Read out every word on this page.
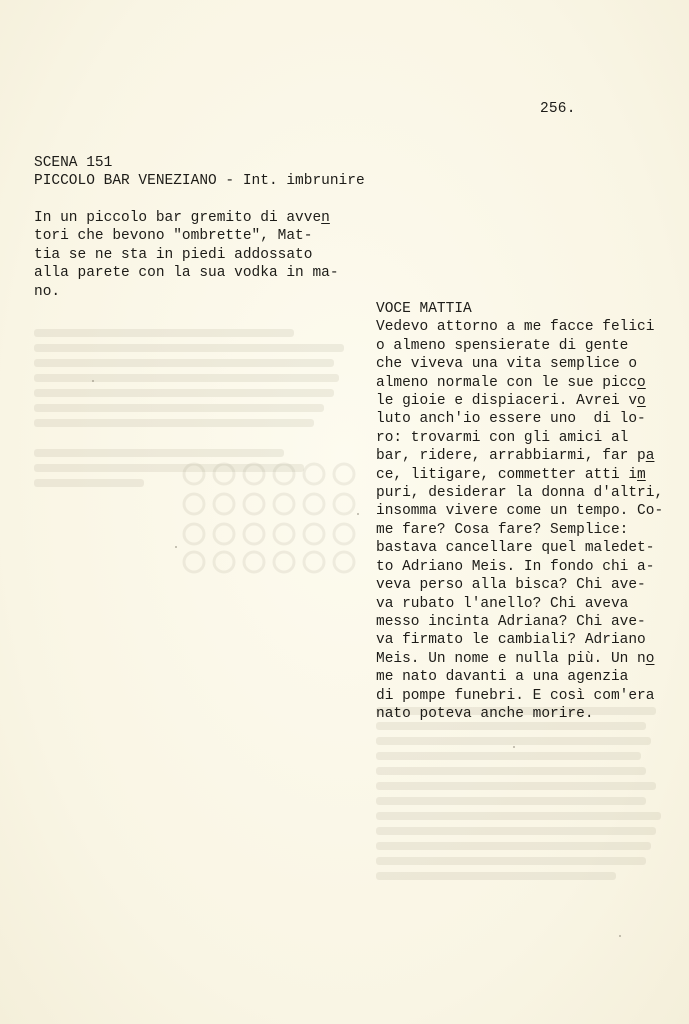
256.
SCENA 151
PICCOLO BAR VENEZIANO - Int. imbrunire
In un piccolo bar gremito di avven
tori che bevono "ombrette", Mat-
tia se ne sta in piedi addossato
alla parete con la sua vodka in ma-
no.
VOCE MATTIA
Vedevo attorno a me facce felici
o almeno spensierate di gente
che viveva una vita semplice o
almeno normale con le sue picco
le gioie e dispiaceri. Avrei vo
luto anch'io essere uno  di lo-
ro: trovarmi con gli amici al
bar, ridere, arrabbiarmi, far pa
ce, litigare, commetter atti im
puri, desiderar la donna d'altri,
insomma vivere come un tempo. Co-
me fare? Cosa fare? Semplice:
bastava cancellare quel maledet-
to Adriano Meis. In fondo chi a-
veva perso alla bisca? Chi ave-
va rubato l'anello? Chi aveva
messo incinta Adriana? Chi ave-
va firmato le cambiali? Adriano
Meis. Un nome e nulla più. Un no
me nato davanti a una agenzia
di pompe funebri. E così com'era
nato poteva anche morire.
